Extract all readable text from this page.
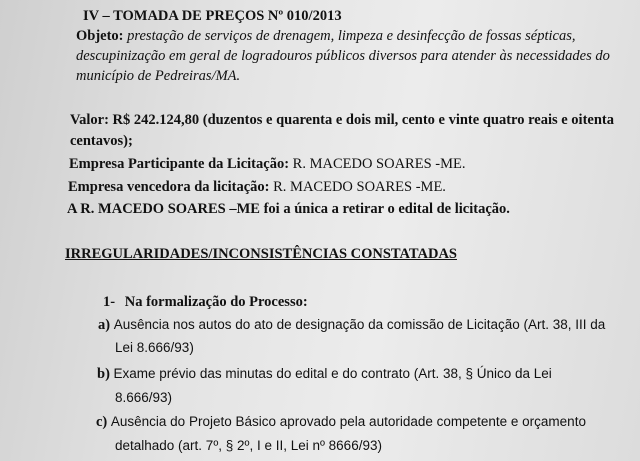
IV – TOMADA DE PREÇOS Nº 010/2013
Objeto: prestação de serviços de drenagem, limpeza e desinfecção de fossas sépticas,
descupinização em geral de logradouros públicos diversos para atender às necessidades do
município de Pedreiras/MA.
Valor: R$ 242.124,80 (duzentos e quarenta e dois mil, cento e vinte quatro reais e oitenta
centavos);
Empresa Participante da Licitação: R. MACEDO SOARES -ME.
Empresa vencedora da licitação: R. MACEDO SOARES -ME.
A R. MACEDO SOARES –ME foi a única a retirar o edital de licitação.
IRREGULARIDADES/INCONSISTÊNCIAS CONSTATADAS
1- Na formalização do Processo:
a) Ausência nos autos do ato de designação da comissão de Licitação (Art. 38, III da
Lei 8.666/93)
b) Exame prévio das minutas do edital e do contrato (Art. 38, § Único da Lei
8.666/93)
c) Ausência do Projeto Básico aprovado pela autoridade competente e orçamento
detalhado (art. 7º, § 2º, I e II, Lei nº 8666/93)
